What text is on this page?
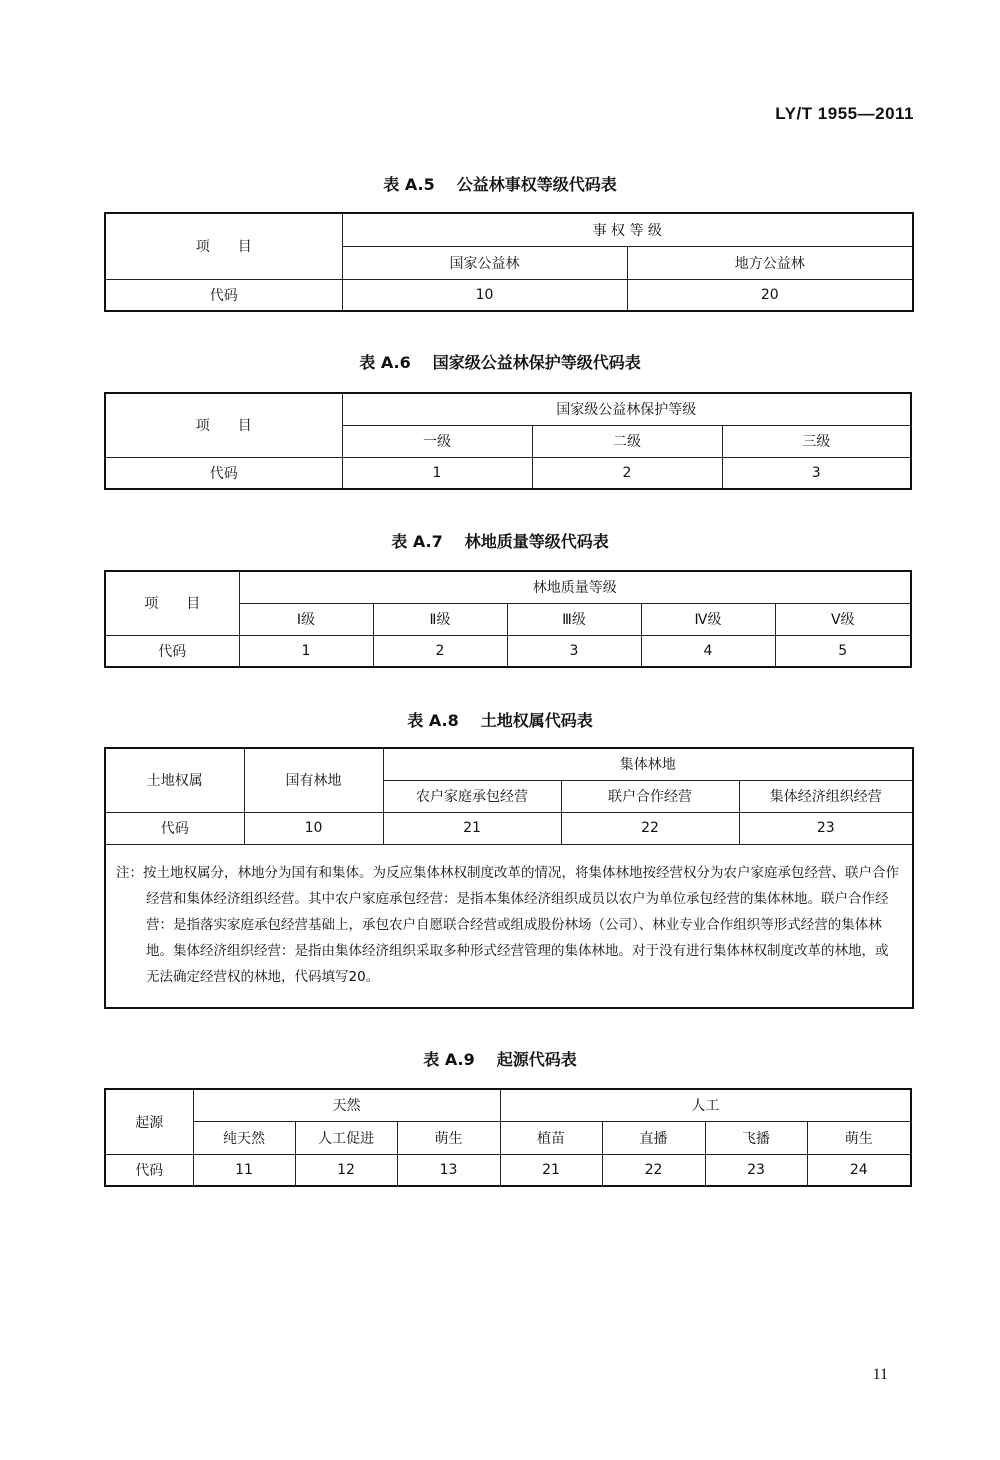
LY/T 1955—2011
表 A.5 公益林事权等级代码表
项　　目	事 权 等 级	
	国家公益林	地方公益林
代码	10	20
表 A.6 国家级公益林保护等级代码表
项　　目	国家级公益林保护等级		
	一级	二级	三级
代码	1	2	3
表 A.7 林地质量等级代码表
项　　目	林地质量等级				
	Ⅰ级	Ⅱ级	Ⅲ级	Ⅳ级	Ⅴ级
代码	1	2	3	4	5
表 A.8 土地权属代码表
土地权属	国有林地	集体林地		
		农户家庭承包经营	联户合作经营	集体经济组织经营
代码	10	21	22	23
注：按土地权属分，林地分为国有和集体。为反应集体林权制度改革的情况，将集体林地按经营权分为农户家庭承包经营、联户合作经营和集体经济组织经营。其中农户家庭承包经营：是指本集体经济组织成员以农户为单位承包经营的集体林地。联户合作经营：是指落实家庭承包经营基础上，承包农户自愿联合经营或组成股份林场（公司）、林业专业合作组织等形式经营的集体林地。集体经济组织经营：是指由集体经济组织采取多种形式经营管理的集体林地。对于没有进行集体林权制度改革的林地，或无法确定经营权的林地，代码填写20。				
表 A.9 起源代码表
起源	天然			人工			
	纯天然	人工促进	萌生	植苗	直播	飞播	萌生
代码	11	12	13	21	22	23	24
11
